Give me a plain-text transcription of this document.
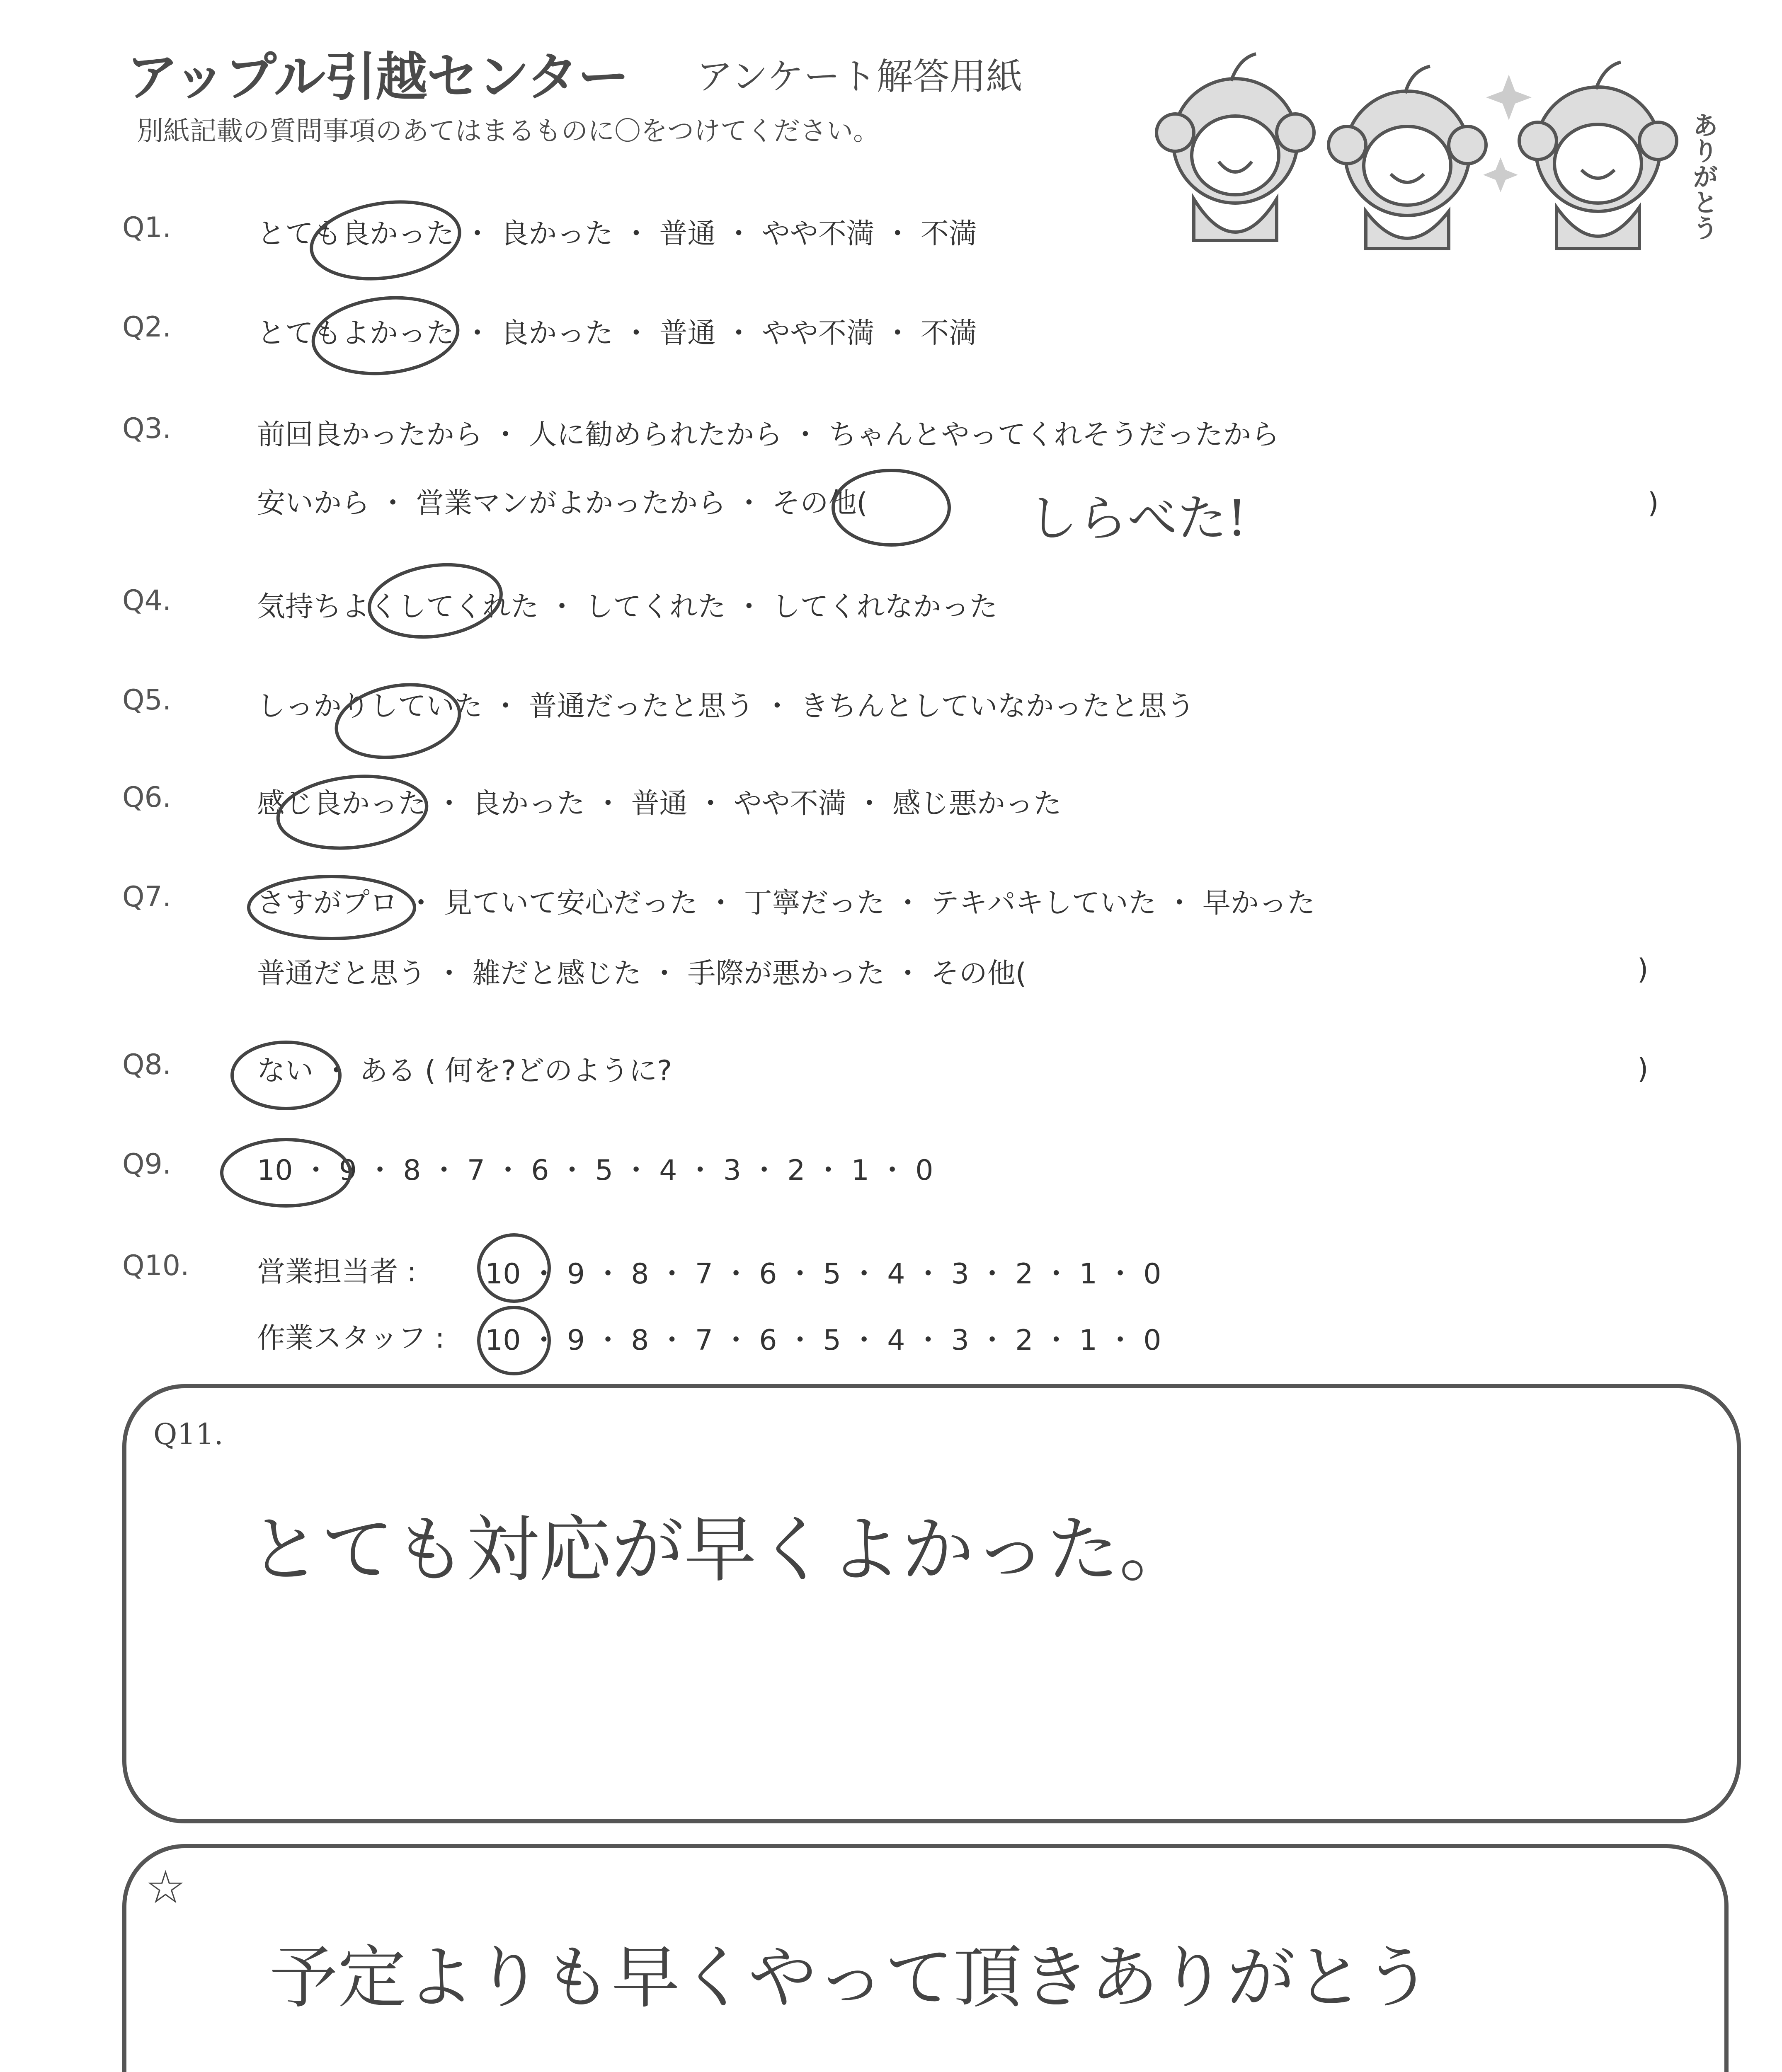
アップル引越センター アンケート解答用紙
別紙記載の質問事項のあてはまるものに〇をつけてください。	ありがとう
Q1.	とても良かった ・ 良かった ・ 普通 ・ やや不満 ・ 不満
Q2.	とてもよかった ・ 良かった ・ 普通 ・ やや不満 ・ 不満
Q3.	前回良かったから ・ 人に勧められたから ・ ちゃんとやってくれそうだったから
安いから ・ 営業マンがよかったから ・ その他(	しらべた!	)
Q4.	気持ちよくしてくれた ・ してくれた ・ してくれなかった
Q5.	しっかりしていた ・ 普通だったと思う ・ きちんとしていなかったと思う
Q6.	感じ良かった ・ 良かった ・ 普通 ・ やや不満 ・ 感じ悪かった
Q7.	さすがプロ ・ 見ていて安心だった ・ 丁寧だった ・ テキパキしていた ・ 早かった
普通だと思う ・ 雑だと感じた ・ 手際が悪かった ・ その他(	)
Q8.	ない ・ ある ( 何を?どのように?	)
Q9.	10 ・ 9 ・ 8 ・ 7 ・ 6 ・ 5 ・ 4 ・ 3 ・ 2 ・ 1 ・ 0
Q10. 営業担当者 : 10 ・ 9 ・ 8 ・ 7 ・ 6 ・ 5 ・ 4 ・ 3 ・ 2 ・ 1 ・ 0
作業スタッフ : 10 ・ 9 ・ 8 ・ 7 ・ 6 ・ 5 ・ 4 ・ 3 ・ 2 ・ 1 ・ 0
Q11.
とても対応が早くよかった。
☆
予定よりも早くやって頂きありがとう
